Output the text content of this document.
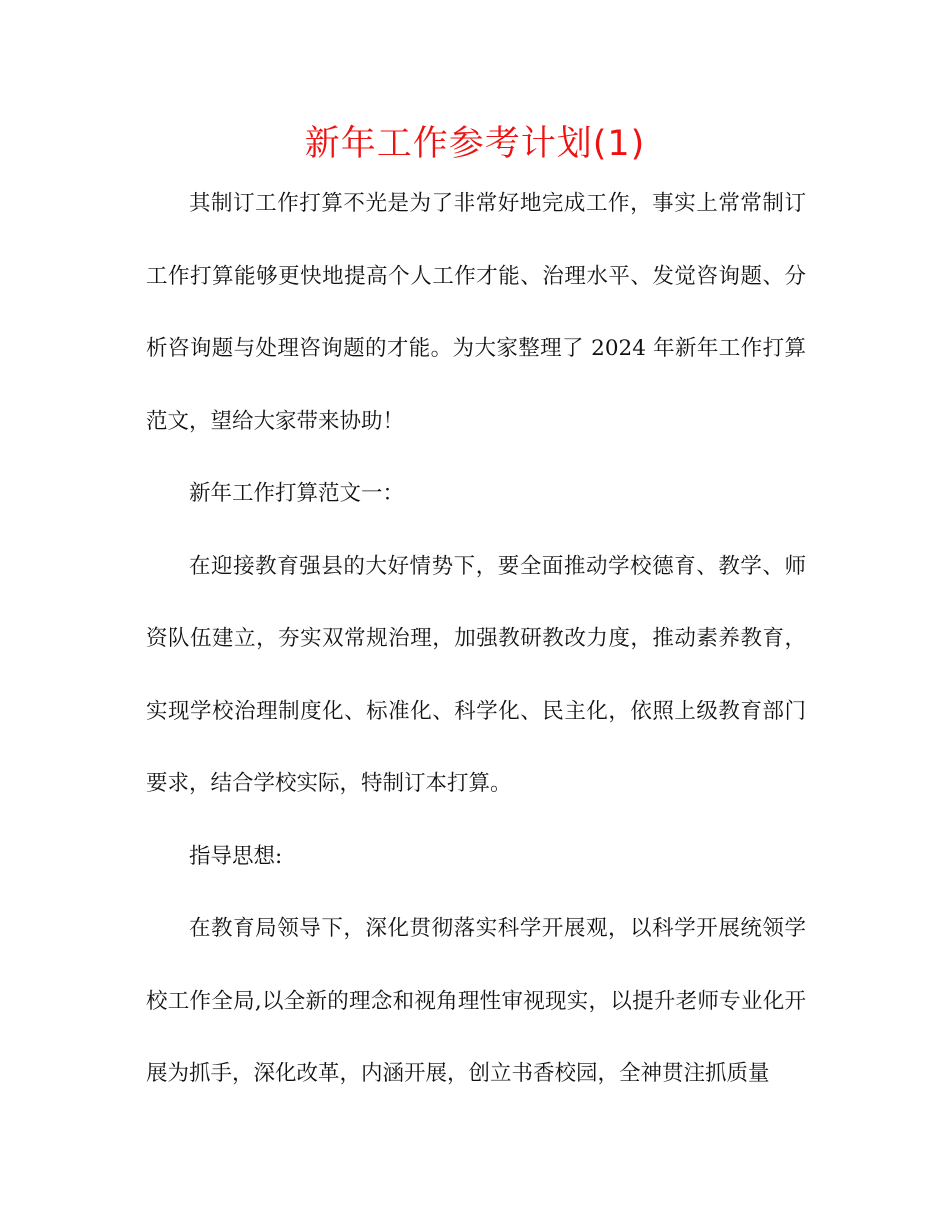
新年工作参考计划(1)

其制订工作打算不光是为了非常好地完成工作，事实上常常制订工作打算能够更快地提高个人工作才能、治理水平、发觉咨询题、分析咨询题与处理咨询题的才能。为大家整理了 2024 年新年工作打算范文，望给大家带来协助！

新年工作打算范文一：

在迎接教育强县的大好情势下，要全面推动学校德育、教学、师资队伍建立，夯实双常规治理，加强教研教改力度，推动素养教育，实现学校治理制度化、标准化、科学化、民主化，依照上级教育部门要求，结合学校实际，特制订本打算。

指导思想:

在教育局领导下，深化贯彻落实科学开展观，以科学开展统领学校工作全局,以全新的理念和视角理性审视现实，以提升老师专业化开展为抓手，深化改革，内涵开展，创立书香校园，全神贯注抓质量
